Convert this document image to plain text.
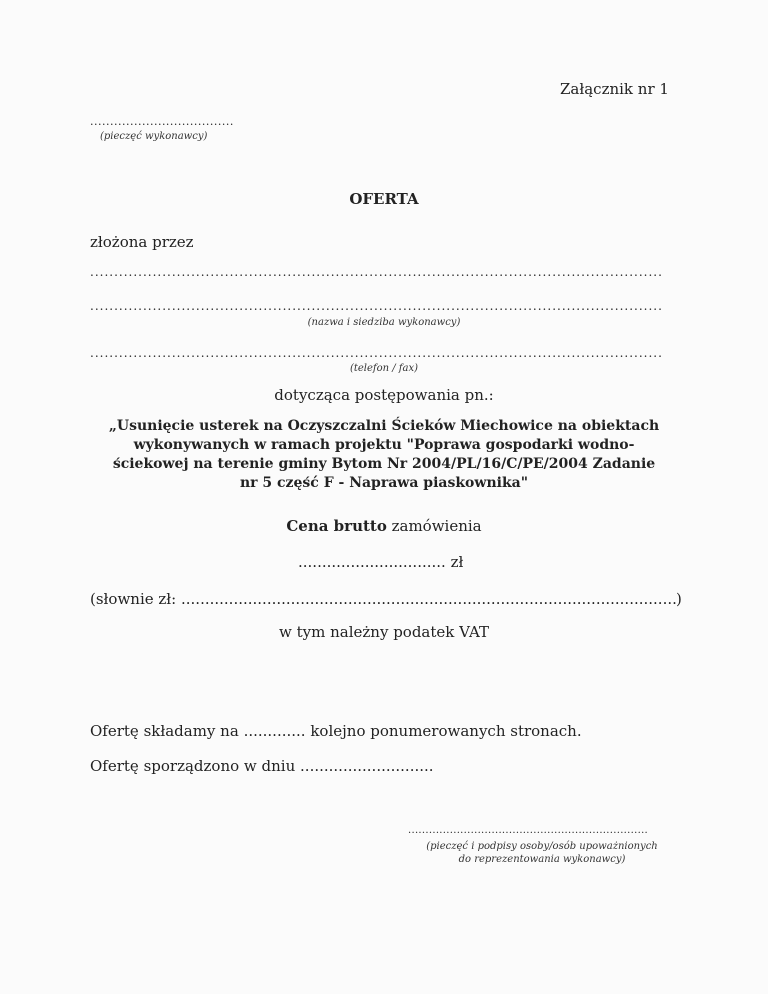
Załącznik nr 1
....................................
(pieczęć wykonawcy)
OFERTA
złożona przez
.....
.....
(nazwa i siedziba wykonawcy)
.....
(telefon / fax)
dotycząca postępowania pn.:
„Usunięcie usterek na Oczyszczalni Ścieków Miechowice na obiektach
wykonywanych w ramach projektu "Poprawa gospodarki wodno-
ściekowej na terenie gminy Bytom Nr 2004/PL/16/C/PE/2004 Zadanie
nr 5 część F - Naprawa piaskownika"
Cena brutto zamówienia
............................... zł
(słownie zł: .....	)
w tym należny podatek VAT
Ofertę składamy na ............. kolejno ponumerowanych stronach.
Ofertę sporządzono w dniu ............................
.....................................................................
(pieczęć i podpisy osoby/osób upoważnionych
do reprezentowania wykonawcy)
